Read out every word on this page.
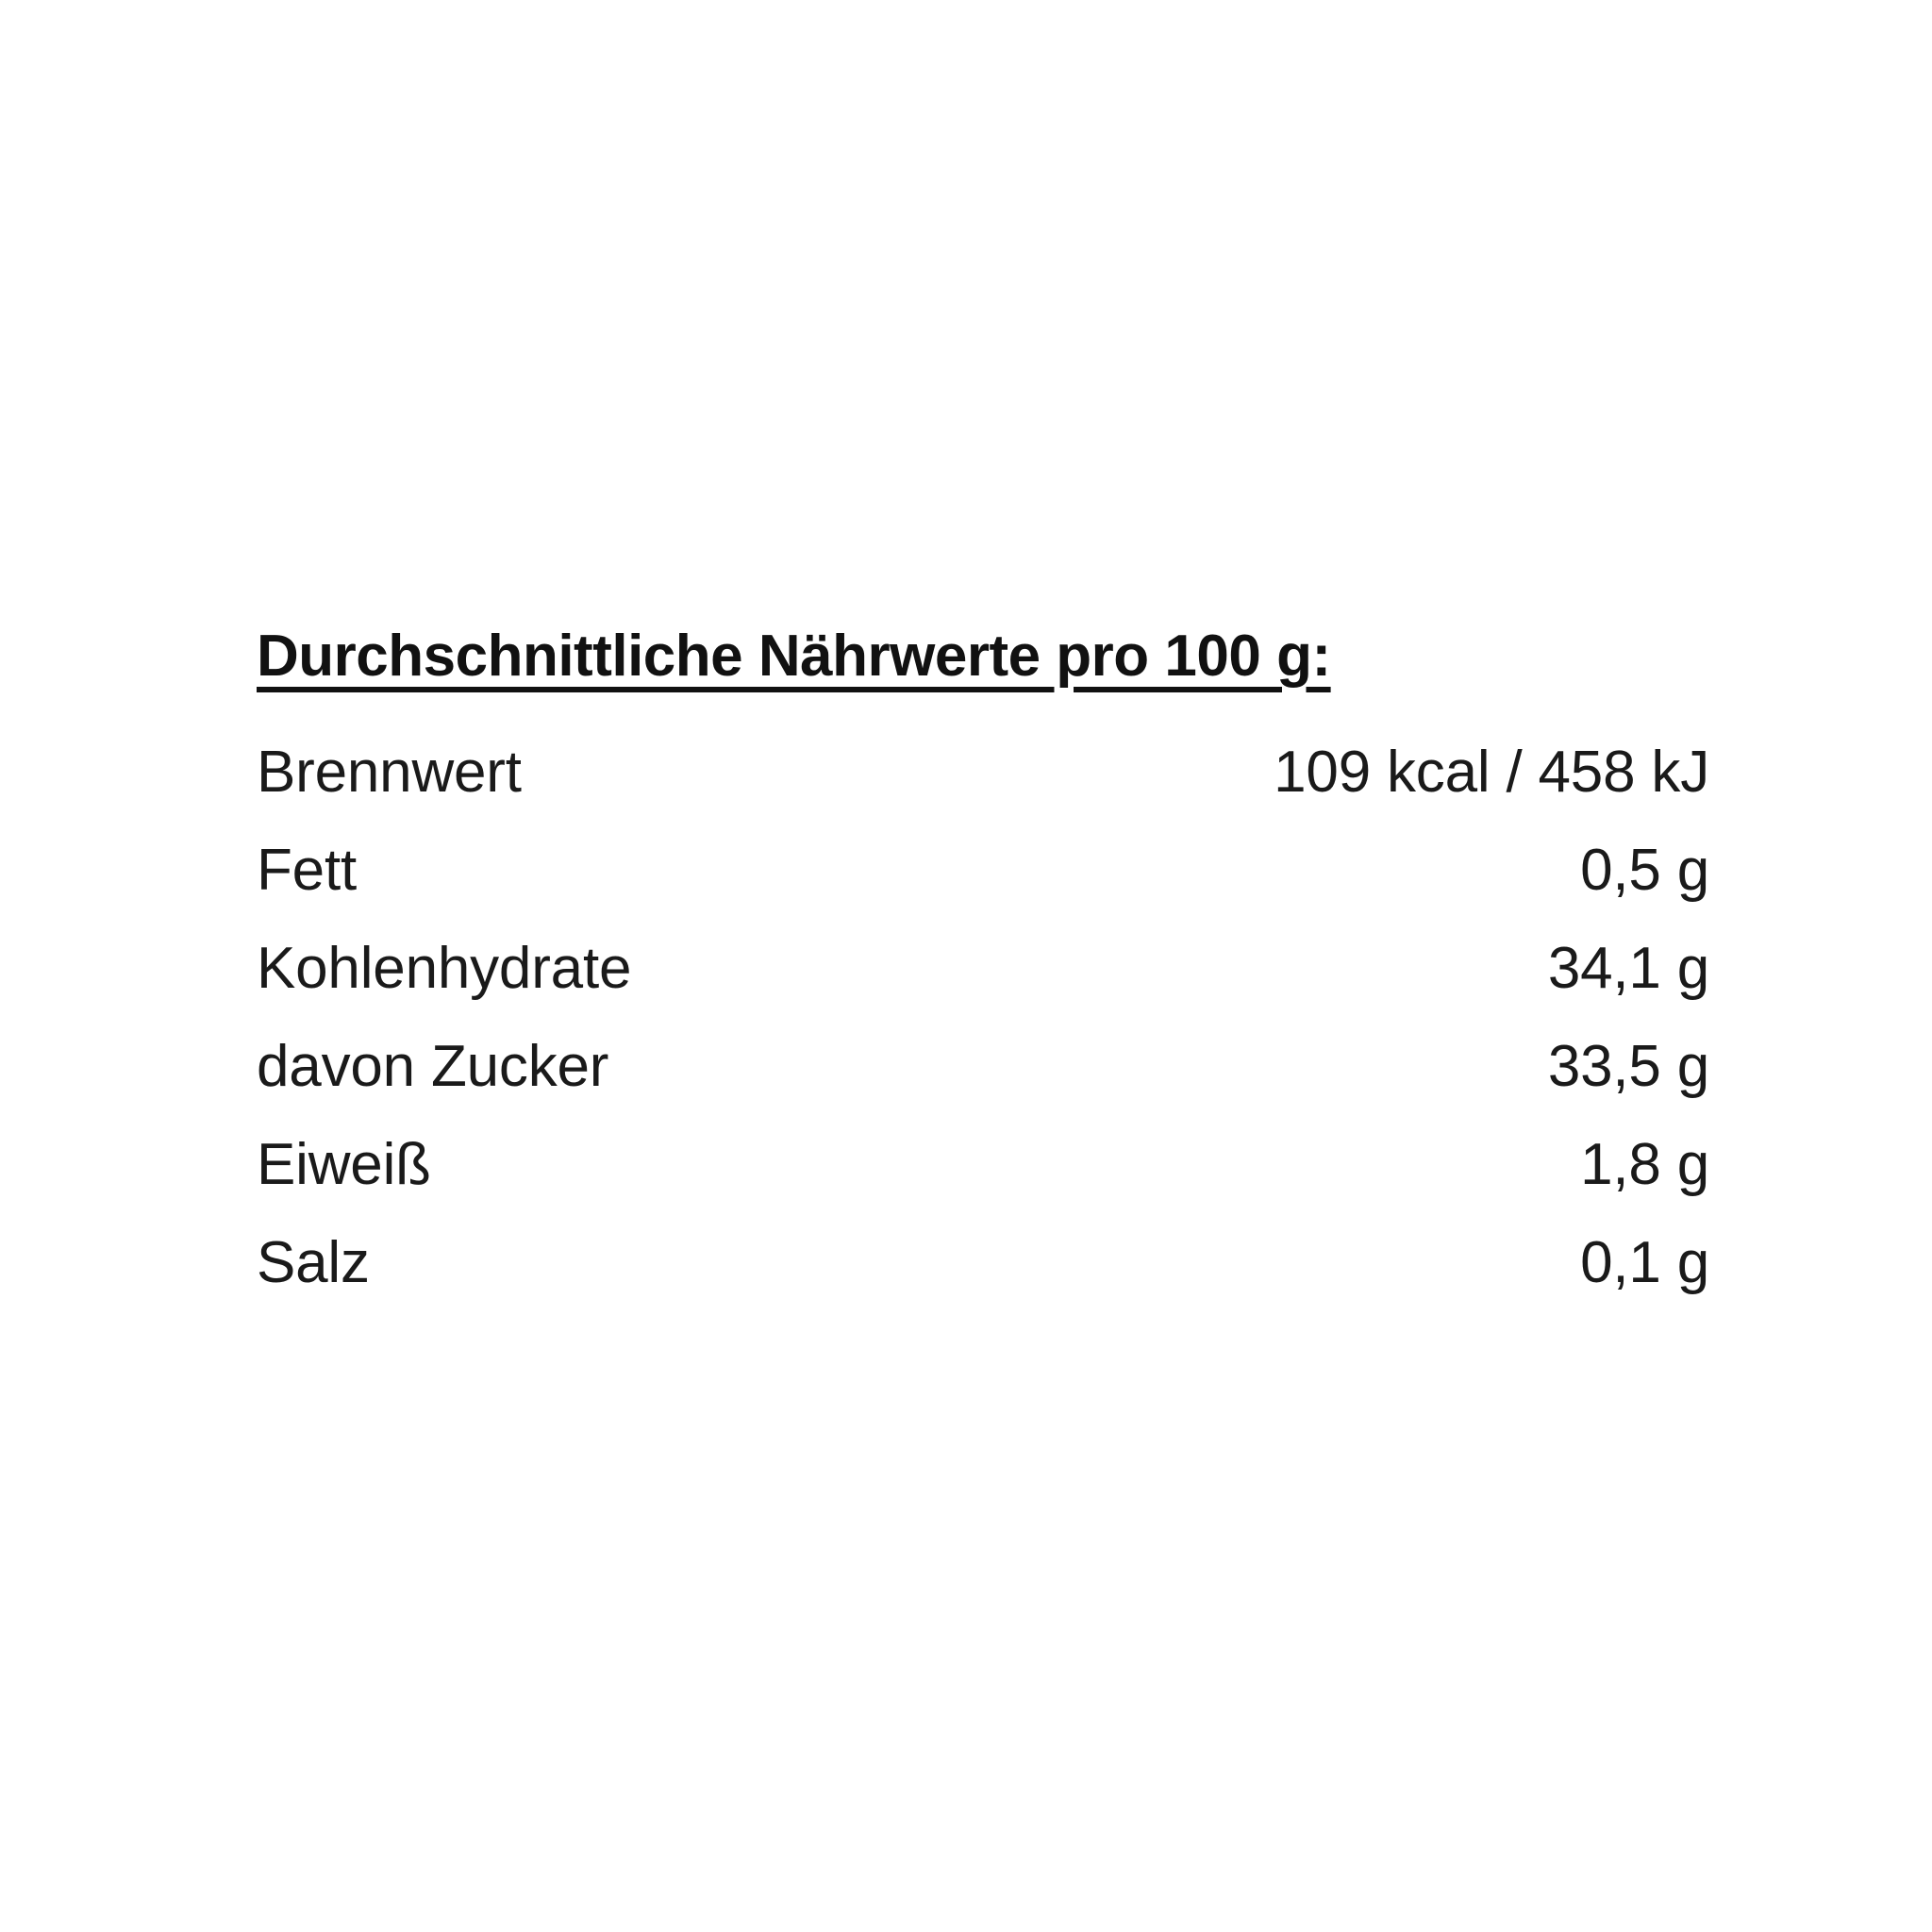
Durchschnittliche Nährwerte pro 100 g:
Brennwert	109 kcal / 458 kJ
Fett	0,5 g
Kohlenhydrate	34,1 g
davon Zucker	33,5 g
Eiweiß	1,8 g
Salz	0,1 g
